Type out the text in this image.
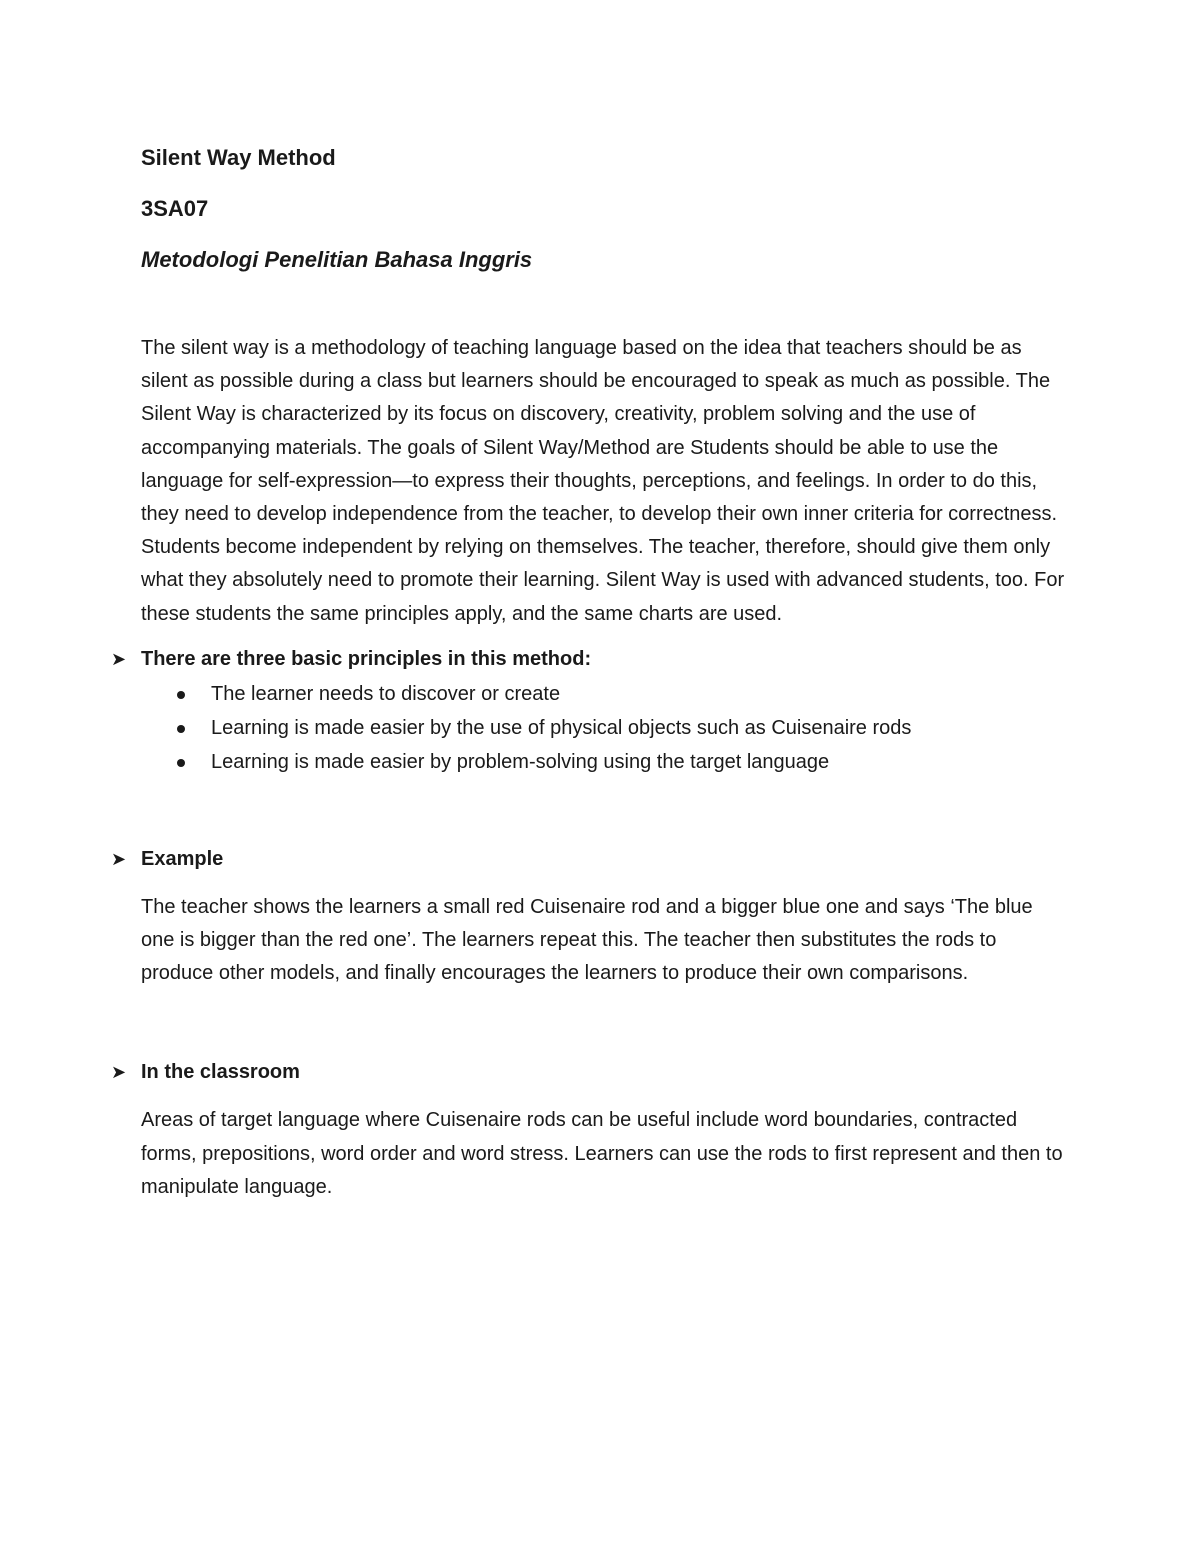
Silent Way Method

3SA07

Metodologi Penelitian Bahasa Inggris

The silent way is a methodology of teaching language based on the idea that teachers should be as silent as possible during a class but learners should be encouraged to speak as much as possible. The Silent Way is characterized by its focus on discovery, creativity, problem solving and the use of accompanying materials. The goals of Silent Way/Method are Students should be able to use the language for self-expression—to express their thoughts, perceptions, and feelings. In order to do this, they need to develop independence from the teacher, to develop their own inner criteria for correctness. Students become independent by relying on themselves. The teacher, therefore, should give them only what they absolutely need to promote their learning. Silent Way is used with advanced students, too. For these students the same principles apply, and the same charts are used.

➤ There are three basic principles in this method:
The learner needs to discover or create
Learning is made easier by the use of physical objects such as Cuisenaire rods
Learning is made easier by problem-solving using the target language
➤ Example

The teacher shows the learners a small red Cuisenaire rod and a bigger blue one and says ‘The blue one is bigger than the red one’. The learners repeat this. The teacher then substitutes the rods to produce other models, and finally encourages the learners to produce their own comparisons.

➤ In the classroom

Areas of target language where Cuisenaire rods can be useful include word boundaries, contracted forms, prepositions, word order and word stress. Learners can use the rods to first represent and then to manipulate language.
